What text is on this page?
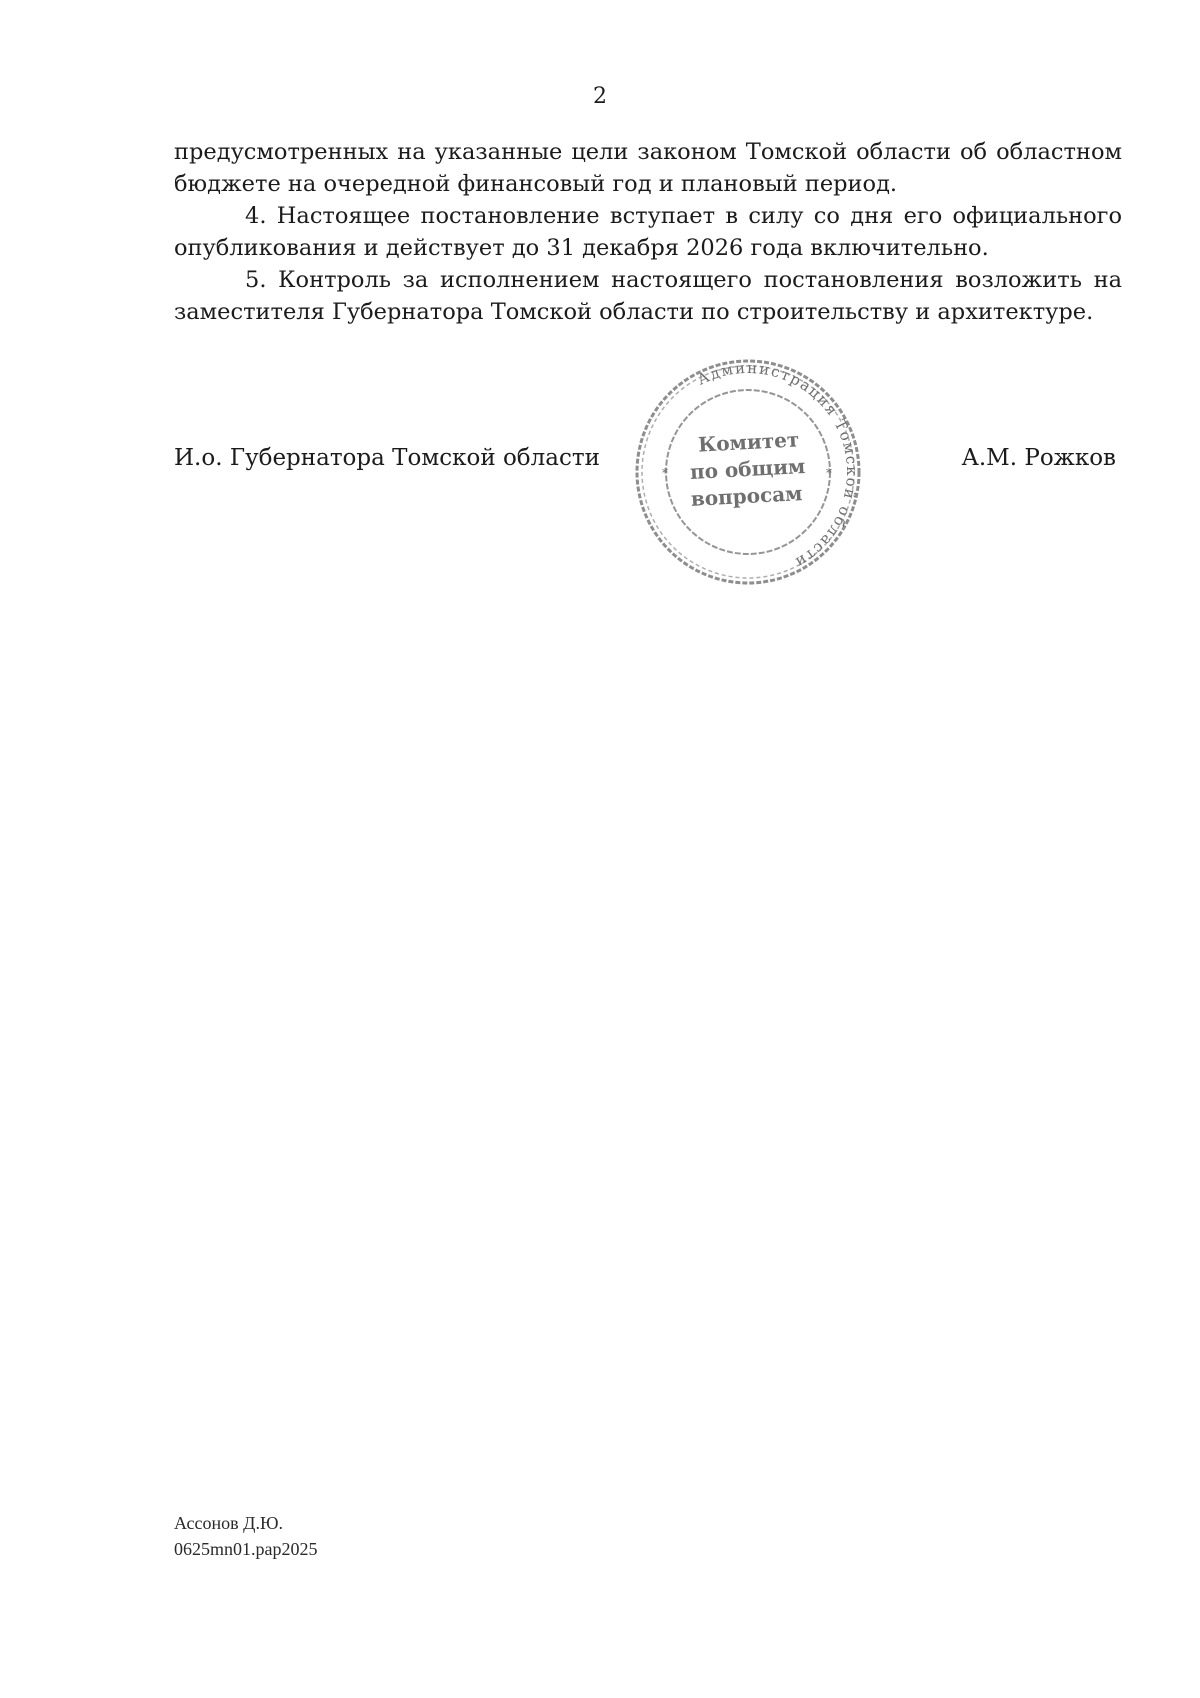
2

предусмотренных на указанные цели законом Томской области об областном бюджете на очередной финансовый год и плановый период.

4. Настоящее постановление вступает в силу со дня его официального опубликования и действует до 31 декабря 2026 года включительно.

5. Контроль за исполнением настоящего постановления возложить на заместителя Губернатора Томской области по строительству и архитектуре.

И.о. Губернатора Томской области	А.М. Рожков
Администрация Томской области
*	*
Комитет
по общим
вопросам
Ассонов Д.Ю.
0625mn01.pap2025
